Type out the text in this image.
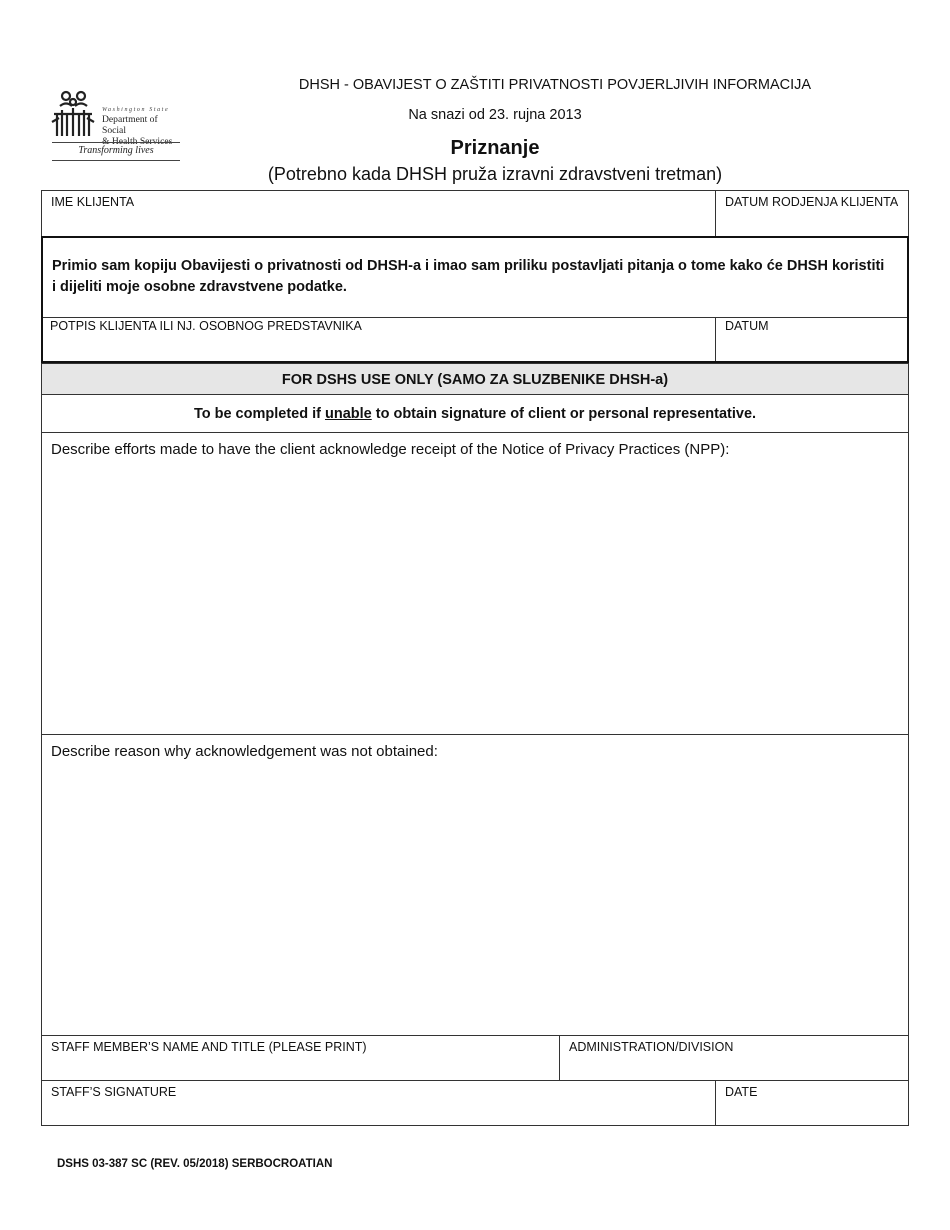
Washington State
Department of Social
& Health Services
Transforming lives
DHSH - OBAVIJEST O ZAŠTITI PRIVATNOSTI POVJERLJIVIH INFORMACIJA
Na snazi od 23. rujna 2013
Priznanje
(Potrebno kada DHSH pruža izravni zdravstveni tretman)
IME KLIJENTA	DATUM RODJENJA KLIJENTA
Primio sam kopiju Obavijesti o privatnosti od DHSH-a i imao sam priliku postavljati pitanja o tome kako će DHSH koristiti i dijeliti moje osobne zdravstvene podatke.
POTPIS KLIJENTA ILI NJ. OSOBNOG PREDSTAVNIKA	DATUM
FOR DSHS USE ONLY (SAMO ZA SLUZBENIKE DHSH-a)
To be completed if unable to obtain signature of client or personal representative.
Describe efforts made to have the client acknowledge receipt of the Notice of Privacy Practices (NPP):
Describe reason why acknowledgement was not obtained:
STAFF MEMBER’S NAME AND TITLE (PLEASE PRINT)	ADMINISTRATION/DIVISION
STAFF’S SIGNATURE	DATE
DSHS 03-387 SC (REV. 05/2018) SERBOCROATIAN
